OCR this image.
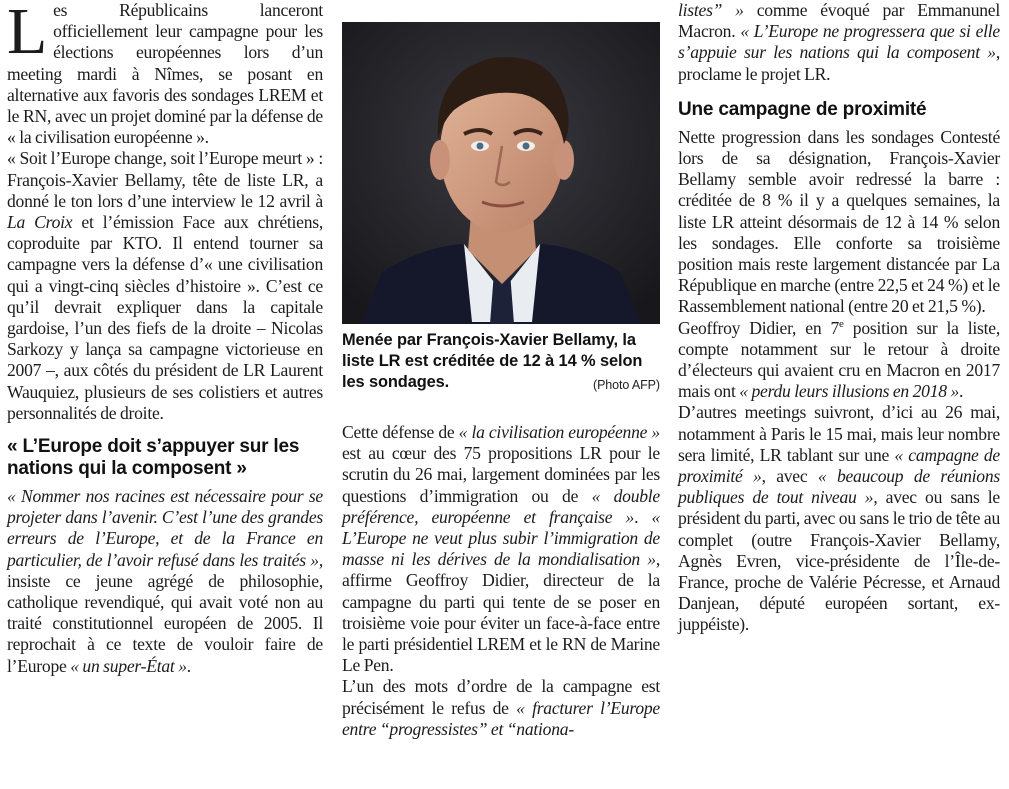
Les Républicains lanceront officiellement leur campagne pour les élections européennes lors d’un meeting mardi à Nîmes, se posant en alternative aux favoris des sondages LREM et le RN, avec un projet dominé par la défense de « la civilisation européenne ».

« Soit l’Europe change, soit l’Europe meurt » : François-Xavier Bellamy, tête de liste LR, a donné le ton lors d’une interview le 12 avril à La Croix et l’émission Face aux chrétiens, coproduite par KTO. Il entend tourner sa campagne vers la défense d’« une civilisation qui a vingt-cinq siècles d’histoire ». C’est ce qu’il devrait expliquer dans la capitale gardoise, l’un des fiefs de la droite – Nicolas Sarkozy y lança sa campagne victorieuse en 2007 –, aux côtés du président de LR Laurent Wauquiez, plusieurs de ses colistiers et autres personnalités de droite.

« L’Europe doit s’appuyer sur les nations qui la composent »

« Nommer nos racines est nécessaire pour se projeter dans l’avenir. C’est l’une des grandes erreurs de l’Europe, et de la France en particulier, de l’avoir refusé dans les traités », insiste ce jeune agrégé de philosophie, catholique revendiqué, qui avait voté non au traité constitutionnel européen de 2005. Il reprochait à ce texte de vouloir faire de l’Europe « un super-État ».

Menée par François-Xavier Bellamy, la liste LR est créditée de 12 à 14 % selon les sondages.	(Photo AFP)

Cette défense de « la civilisation européenne » est au cœur des 75 propositions LR pour le scrutin du 26 mai, largement dominées par les questions d’immigration ou de « double préférence, européenne et française ». « L’Europe ne veut plus subir l’immigration de masse ni les dérives de la mondialisation », affirme Geoffroy Didier, directeur de la campagne du parti qui tente de se poser en troisième voie pour éviter un face-à-face entre le parti présidentiel LREM et le RN de Marine Le Pen.

L’un des mots d’ordre de la campagne est précisément le refus de « fracturer l’Europe entre “progressistes” et “nationa-

listes” » comme évoqué par Emmanunel Macron. « L’Europe ne progressera que si elle s’appuie sur les nations qui la composent », proclame le projet LR.

Une campagne de proximité

Nette progression dans les sondages Contesté lors de sa désignation, François-Xavier Bellamy semble avoir redressé la barre : créditée de 8 % il y a quelques semaines, la liste LR atteint désormais de 12 à 14 % selon les sondages. Elle conforte sa troisième position mais reste largement distancée par La République en marche (entre 22,5 et 24 %) et le Rassemblement national (entre 20 et 21,5 %).

Geoffroy Didier, en 7e position sur la liste, compte notamment sur le retour à droite d’électeurs qui avaient cru en Macron en 2017 mais ont « perdu leurs illusions en 2018 ».

D’autres meetings suivront, d’ici au 26 mai, notamment à Paris le 15 mai, mais leur nombre sera limité, LR tablant sur une « campagne de proximité », avec « beaucoup de réunions publiques de tout niveau », avec ou sans le président du parti, avec ou sans le trio de tête au complet (outre François-Xavier Bellamy, Agnès Evren, vice-présidente de l’Île-de-France, proche de Valérie Pécresse, et Arnaud Danjean, député européen sortant, ex-juppéiste).
